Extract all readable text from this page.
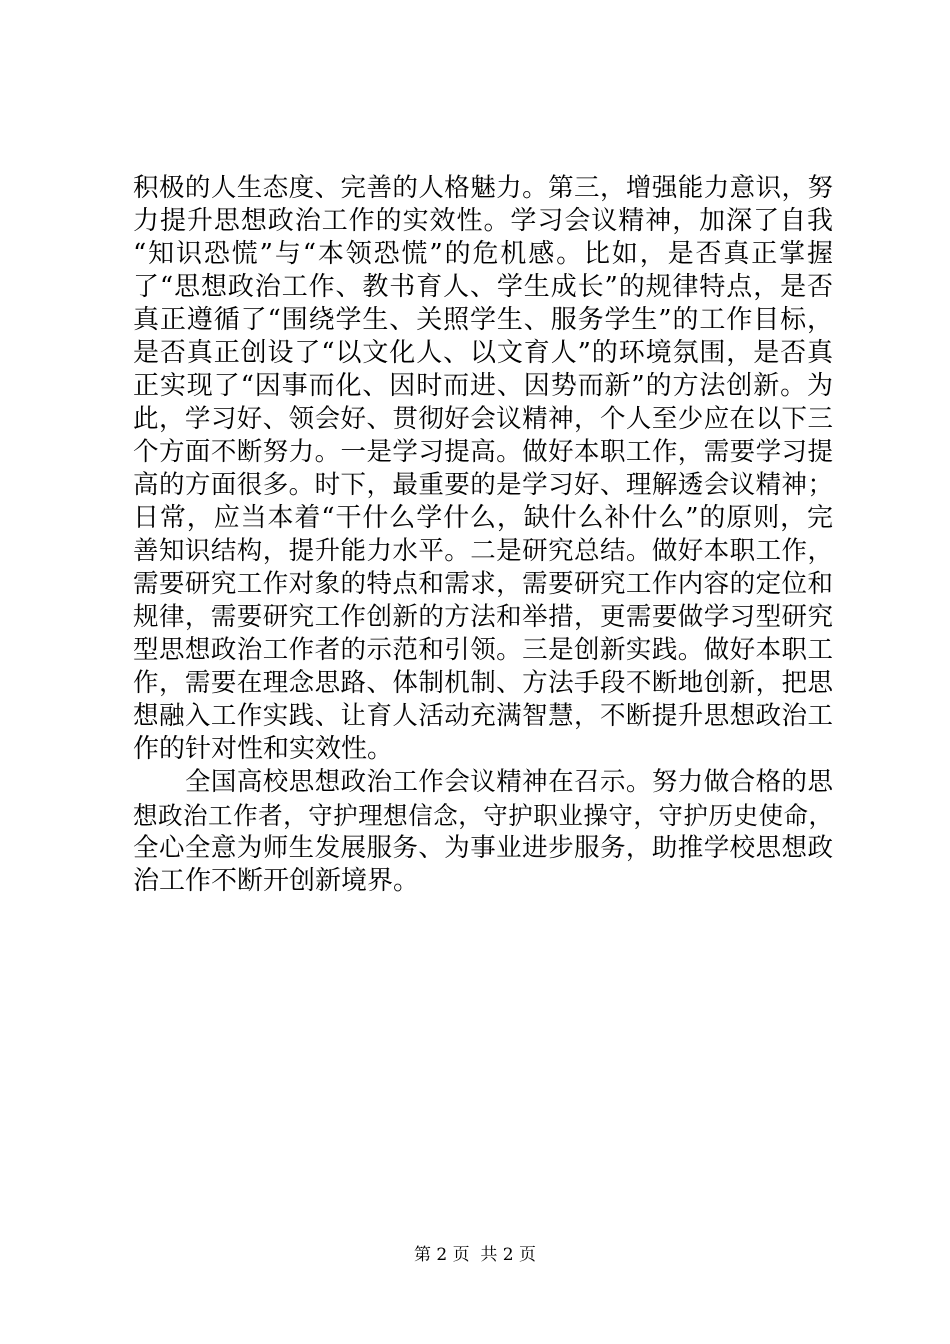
积极的人生态度、完善的人格魅力。第三，增强能力意识，努
力提升思想政治工作的实效性。学习会议精神，加深了自我
“知识恐慌”与“本领恐慌”的危机感。比如，是否真正掌握
了“思想政治工作、教书育人、学生成长”的规律特点，是否
真正遵循了“围绕学生、关照学生、服务学生”的工作目标，
是否真正创设了“以文化人、以文育人”的环境氛围，是否真
正实现了“因事而化、因时而进、因势而新”的方法创新。为
此，学习好、领会好、贯彻好会议精神，个人至少应在以下三
个方面不断努力。一是学习提高。做好本职工作，需要学习提
高的方面很多。时下，最重要的是学习好、理解透会议精神；
日常，应当本着“干什么学什么，缺什么补什么”的原则，完
善知识结构，提升能力水平。二是研究总结。做好本职工作，
需要研究工作对象的特点和需求，需要研究工作内容的定位和
规律，需要研究工作创新的方法和举措，更需要做学习型研究
型思想政治工作者的示范和引领。三是创新实践。做好本职工
作，需要在理念思路、体制机制、方法手段不断地创新，把思
想融入工作实践、让育人活动充满智慧，不断提升思想政治工
作的针对性和实效性。
全国高校思想政治工作会议精神在召示。努力做合格的思
想政治工作者，守护理想信念，守护职业操守，守护历史使命，
全心全意为师生发展服务、为事业进步服务，助推学校思想政
治工作不断开创新境界。
第 2 页  共 2 页
